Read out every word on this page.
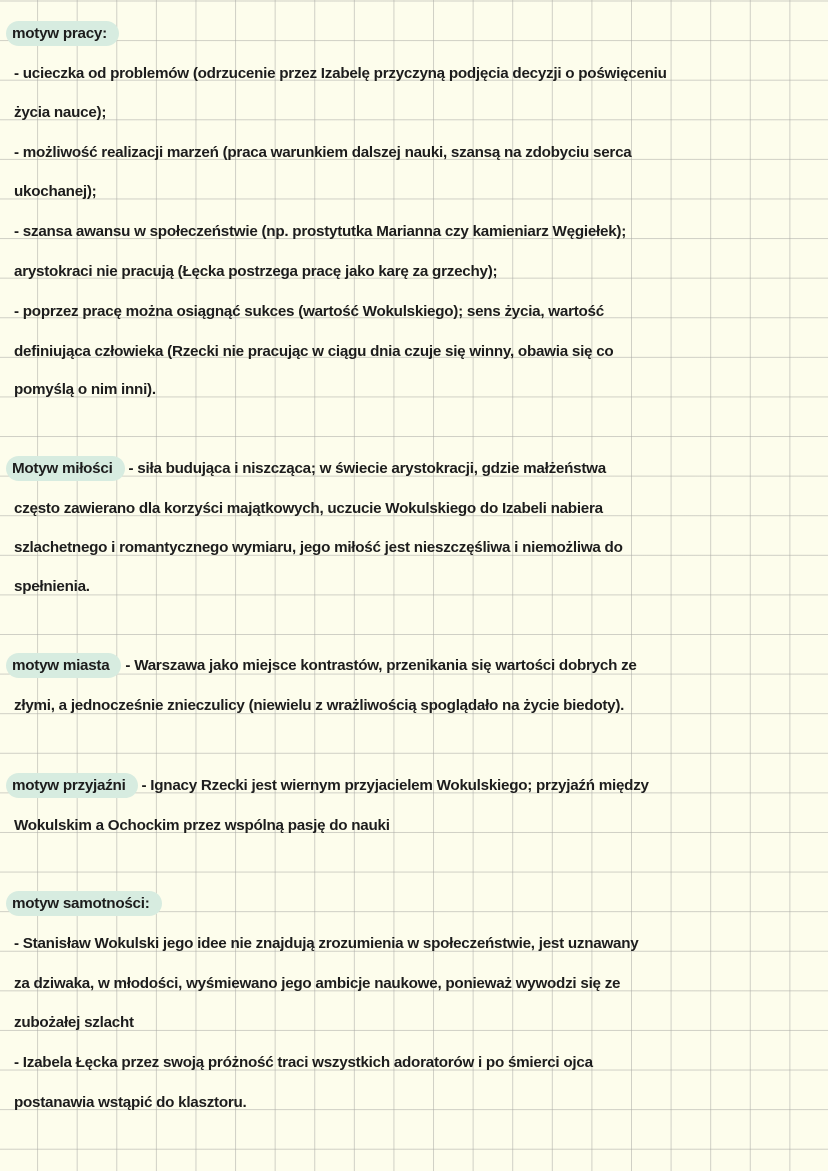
motyw pracy:
- ucieczka od problemów (odrzucenie przez Izabelę przyczyną podjęcia decyzji o poświęceniu
życia nauce);
- możliwość realizacji marzeń (praca warunkiem dalszej nauki, szansą na zdobyciu serca
ukochanej);
- szansa awansu w społeczeństwie (np. prostytutka Marianna czy kamieniarz Węgiełek);
arystokraci nie pracują (Łęcka postrzega pracę jako karę za grzechy);
- poprzez pracę można osiągnąć sukces (wartość Wokulskiego); sens życia, wartość
definiująca człowieka (Rzecki nie pracując w ciągu dnia czuje się winny, obawia się co
pomyślą o nim inni).
Motyw miłości - siła budująca i niszcząca; w świecie arystokracji, gdzie małżeństwa
często zawierano dla korzyści majątkowych, uczucie Wokulskiego do Izabeli nabiera
szlachetnego i romantycznego wymiaru, jego miłość jest nieszczęśliwa i niemożliwa do
spełnienia.
motyw miasta - Warszawa jako miejsce kontrastów, przenikania się wartości dobrych ze
złymi, a jednocześnie znieczulicy (niewielu z wrażliwością spoglądało na życie biedoty).
motyw przyjaźni - Ignacy Rzecki jest wiernym przyjacielem Wokulskiego; przyjaźń między
Wokulskim a Ochockim przez wspólną pasję do nauki
motyw samotności:
- Stanisław Wokulski jego idee nie znajdują zrozumienia w społeczeństwie, jest uznawany
za dziwaka, w młodości, wyśmiewano jego ambicje naukowe, ponieważ wywodzi się ze
zubożałej szlacht
- Izabela Łęcka przez swoją próżność traci wszystkich adoratorów i po śmierci ojca
postanawia wstąpić do klasztoru.
